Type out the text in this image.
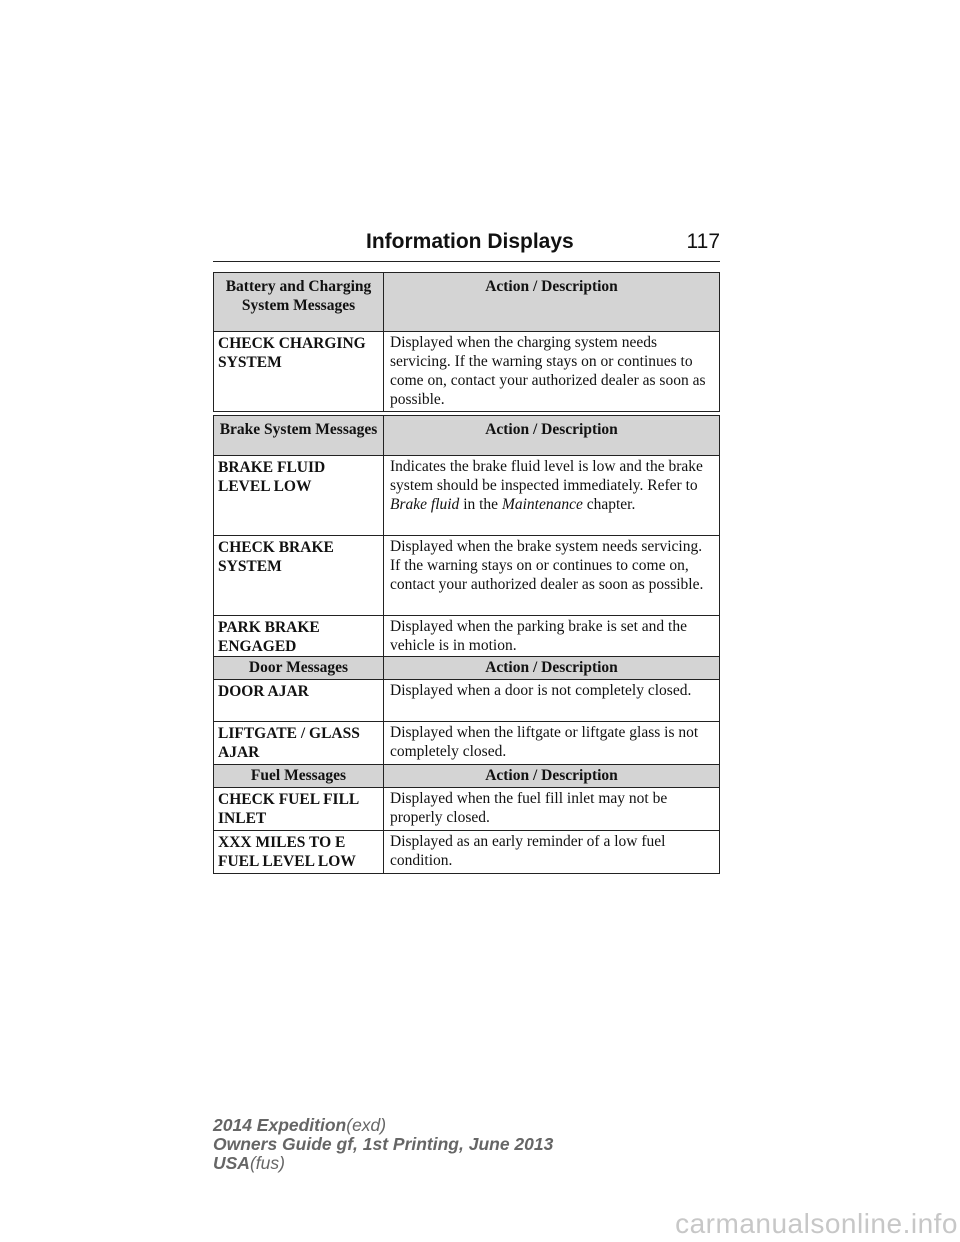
Information Displays	117
Battery and Charging System Messages	Action / Description
CHECK CHARGING SYSTEM	Displayed when the charging system needs servicing. If the warning stays on or continues to come on, contact your authorized dealer as soon as possible.
Brake System Messages	Action / Description
BRAKE FLUID LEVEL LOW	Indicates the brake fluid level is low and the brake system should be inspected immediately. Refer to Brake fluid in the Maintenance chapter.
CHECK BRAKE SYSTEM	Displayed when the brake system needs servicing. If the warning stays on or continues to come on, contact your authorized dealer as soon as possible.
PARK BRAKE ENGAGED	Displayed when the parking brake is set and the vehicle is in motion.
Door Messages	Action / Description
DOOR AJAR	Displayed when a door is not completely closed.
LIFTGATE / GLASS AJAR	Displayed when the liftgate or liftgate glass is not completely closed.
Fuel Messages	Action / Description
CHECK FUEL FILL INLET	Displayed when the fuel fill inlet may not be properly closed.
XXX MILES TO E FUEL LEVEL LOW	Displayed as an early reminder of a low fuel condition.
2014 Expedition(exd)
Owners Guide gf, 1st Printing, June 2013
USA(fus)
carmanualsonline.info
